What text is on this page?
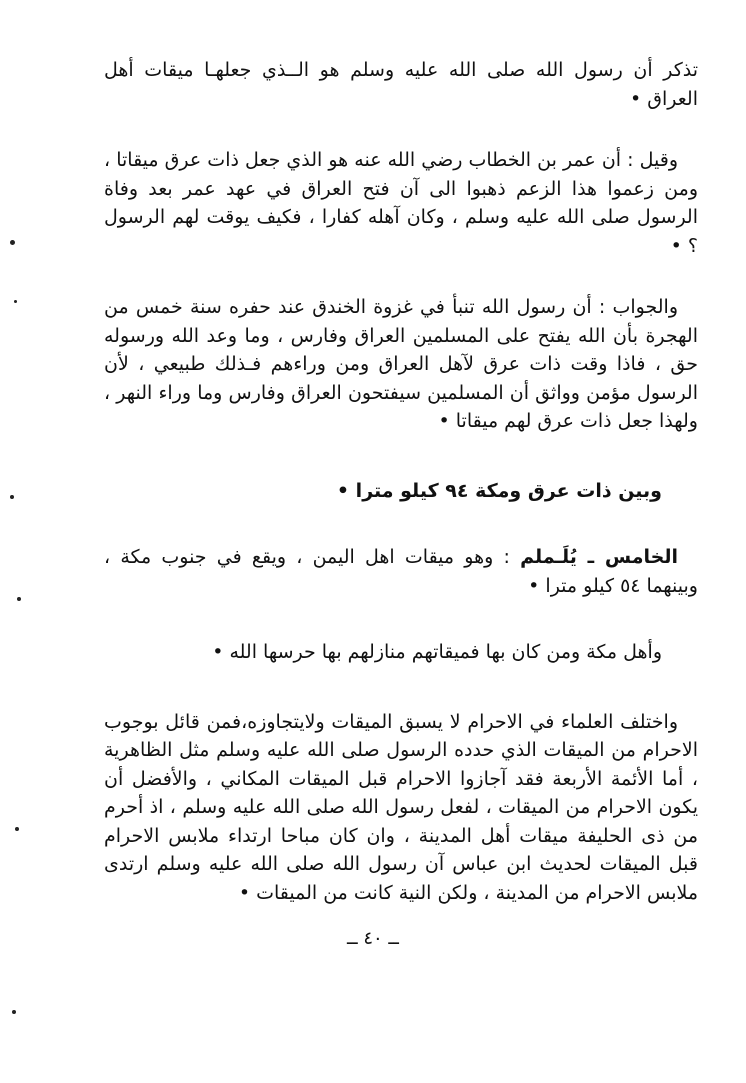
تذكر أن رسول الله صلى الله عليه وسلم هو الــذي جعلهـا ميقات أهل العراق •

وقيل : أن عمر بن الخطاب رضي الله عنه هو الذي جعل ذات عرق ميقاتا ، ومن زعموا هذا الزعم ذهبوا الى آن فتح العراق في عهد عمر بعد وفاة الرسول صلى الله عليه وسلم ، وكان آهله كفارا ، فكيف يوقت لهم الرسول ؟ •

والجواب : أن رسول الله تنبأ في غزوة الخندق عند حفره سنة خمس من الهجرة بأن الله يفتح على المسلمين العراق وفارس ، وما وعد الله ورسوله حق ، فاذا وقت ذات عرق لآهل العراق ومن وراءهم فـذلك طبيعي ، لأن الرسول مؤمن وواثق أن المسلمين سيفتحون العراق وفارس وما وراء النهر ، ولهذا جعل ذات عرق لهم ميقاتا •

وبين ذات عرق ومكة ٩٤ كيلو مترا •

الخامس ـ يُلَـملم : وهو ميقات اهل اليمن ، ويقع في جنوب مكة ، وبينهما ٥٤ كيلو مترا •

وأهل مكة ومن كان بها فميقاتهم منازلهم بها حرسها الله •

واختلف العلماء في الاحرام لا يسبق الميقات ولايتجاوزه،فمن قائل بوجوب الاحرام من الميقات الذي حدده الرسول صلى الله عليه وسلم مثل الظاهرية ، أما الأئمة الأربعة فقد آجازوا الاحرام قبل الميقات المكاني ، والأفضل أن يكون الاحرام من الميقات ، لفعل رسول الله صلى الله عليه وسلم ، اذ أحرم من ذى الحليفة ميقات أهل المدينة ، وان كان مباحا ارتداء ملابس الاحرام قبل الميقات لحديث ابن عباس آن رسول الله صلى الله عليه وسلم ارتدى ملابس الاحرام من المدينة ، ولكن النية كانت من الميقات •

ــ ٤٠ ــ
